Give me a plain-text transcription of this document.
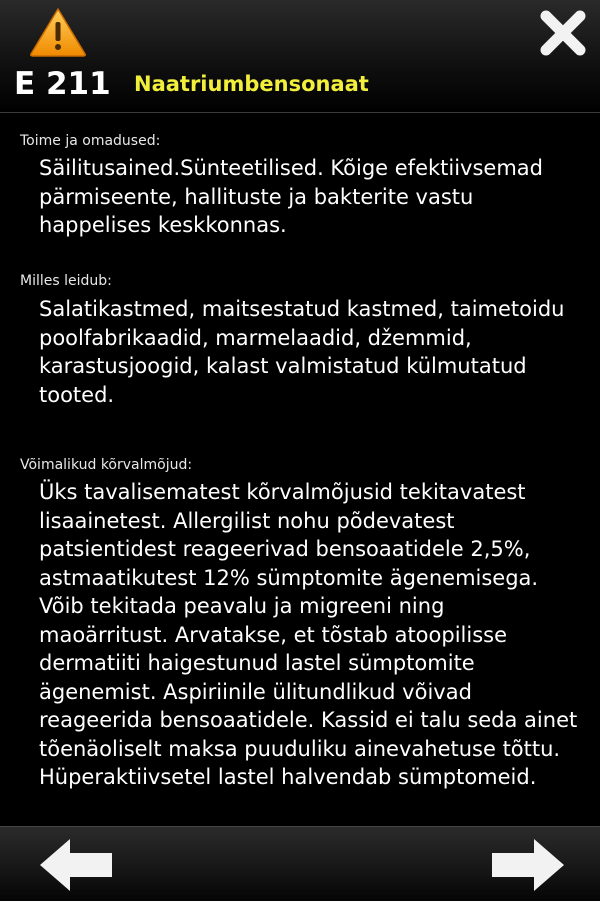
E 211 Naatriumbensonaat
Toime ja omadused:
Säilitusained.Sünteetilised. Kõige efektiivsemad pärmiseente, hallituste ja bakterite vastu happelises keskkonnas.
Milles leidub:
Salatikastmed, maitsestatud kastmed, taimetoidu poolfabrikaadid, marmelaadid, džemmid, karastusjoogid, kalast valmistatud külmutatud tooted.
Võimalikud kõrvalmõjud:
Üks tavalisematest kõrvalmõjusid tekitavatest lisaainetest. Allergilist nohu põdevatest patsientidest reageerivad bensoaatidele 2,5%, astmaatikutest 12% sümptomite ägenemisega. Võib tekitada peavalu ja migreeni ning maoärritust. Arvatakse, et tõstab atoopilisse dermatiiti haigestunud lastel sümptomite ägenemist. Aspiriinile ülitundlikud võivad reageerida bensoaatidele. Kassid ei talu seda ainet tõenäoliselt maksa puuduliku ainevahetuse tõttu. Hüperaktiivsetel lastel halvendab sümptomeid.
